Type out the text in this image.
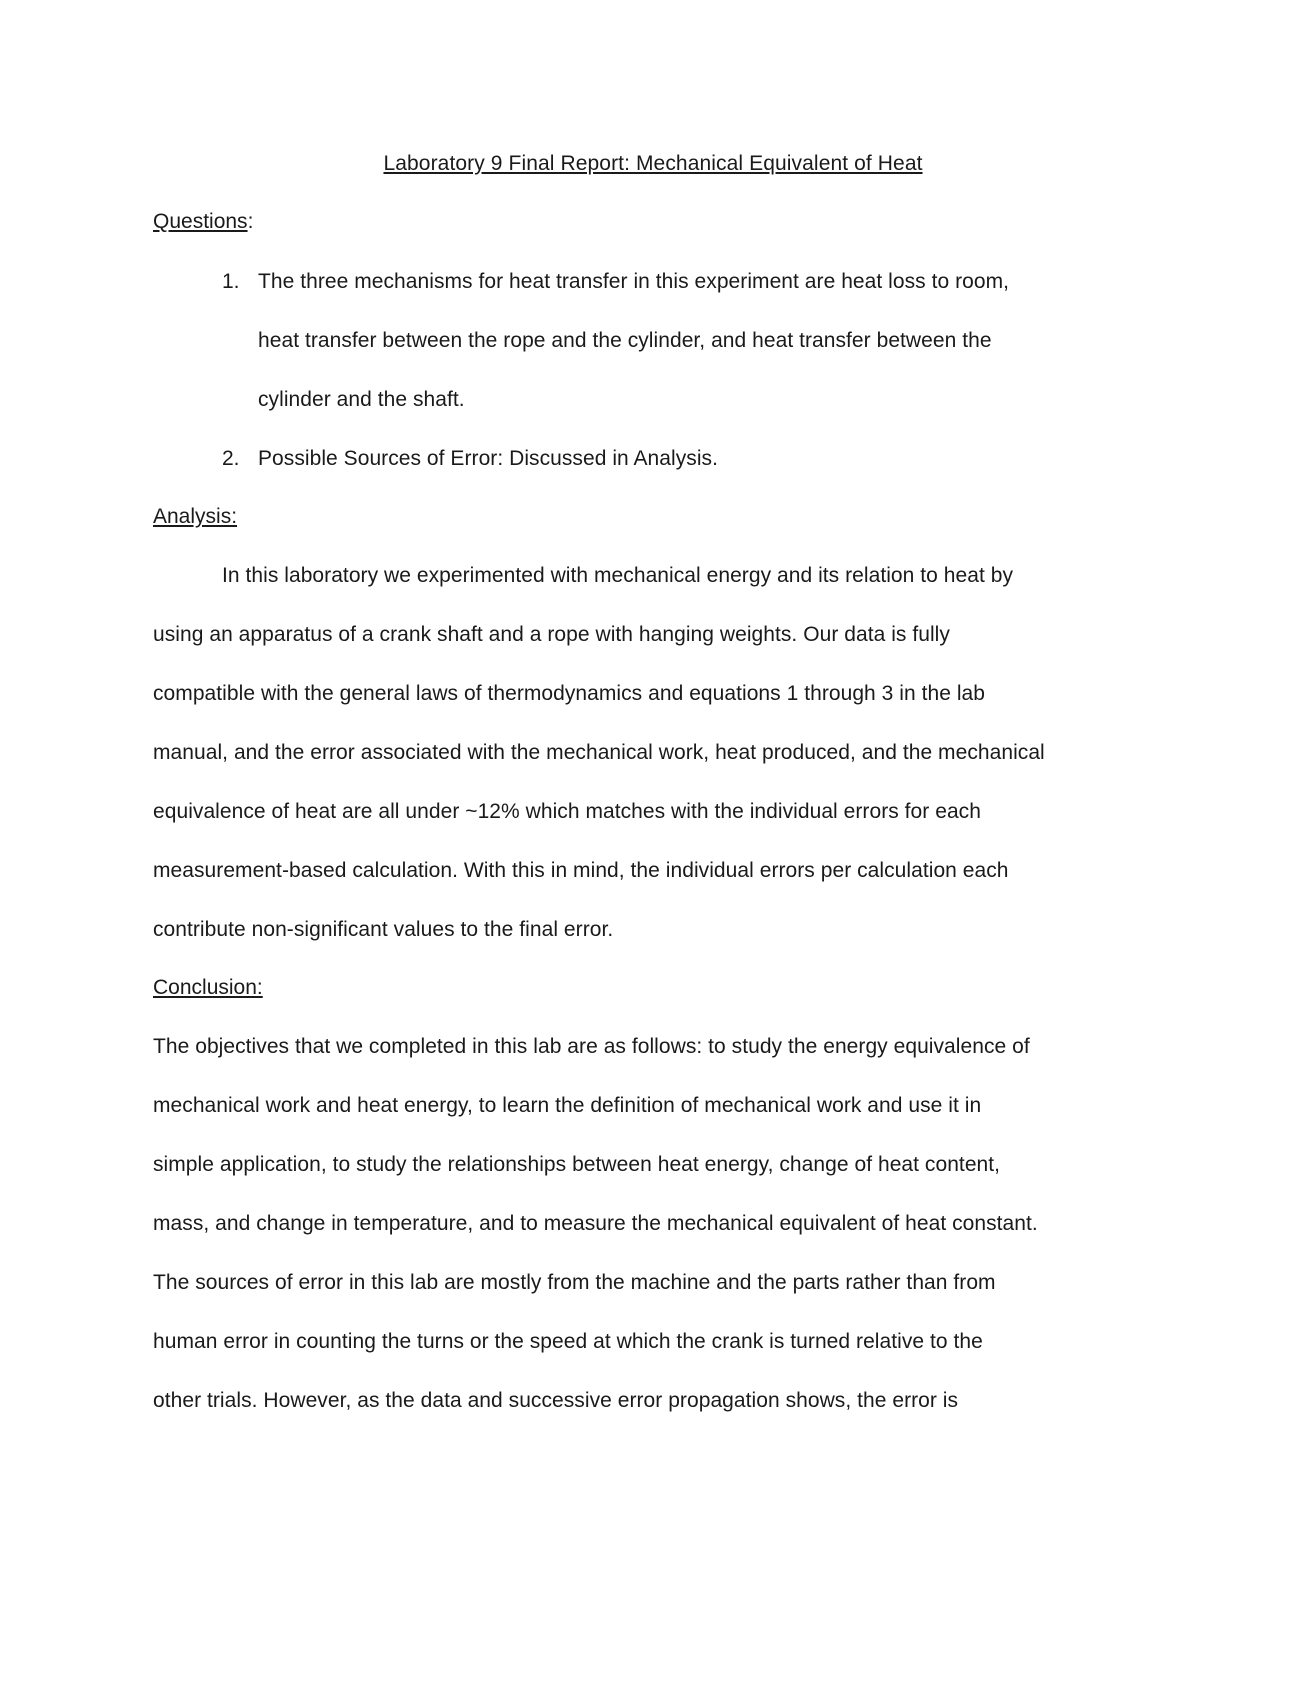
Laboratory 9 Final Report: Mechanical Equivalent of Heat
Questions:
1. The three mechanisms for heat transfer in this experiment are heat loss to room,
heat transfer between the rope and the cylinder, and heat transfer between the
cylinder and the shaft.
2. Possible Sources of Error: Discussed in Analysis.
Analysis:
In this laboratory we experimented with mechanical energy and its relation to heat by
using an apparatus of a crank shaft and a rope with hanging weights. Our data is fully
compatible with the general laws of thermodynamics and equations 1 through 3 in the lab
manual, and the error associated with the mechanical work, heat produced, and the mechanical
equivalence of heat are all under ~12% which matches with the individual errors for each
measurement-based calculation. With this in mind, the individual errors per calculation each
contribute non-significant values to the final error.
Conclusion:
The objectives that we completed in this lab are as follows: to study the energy equivalence of
mechanical work and heat energy, to learn the definition of mechanical work and use it in
simple application, to study the relationships between heat energy, change of heat content,
mass, and change in temperature, and to measure the mechanical equivalent of heat constant.
The sources of error in this lab are mostly from the machine and the parts rather than from
human error in counting the turns or the speed at which the crank is turned relative to the
other trials. However, as the data and successive error propagation shows, the error is
